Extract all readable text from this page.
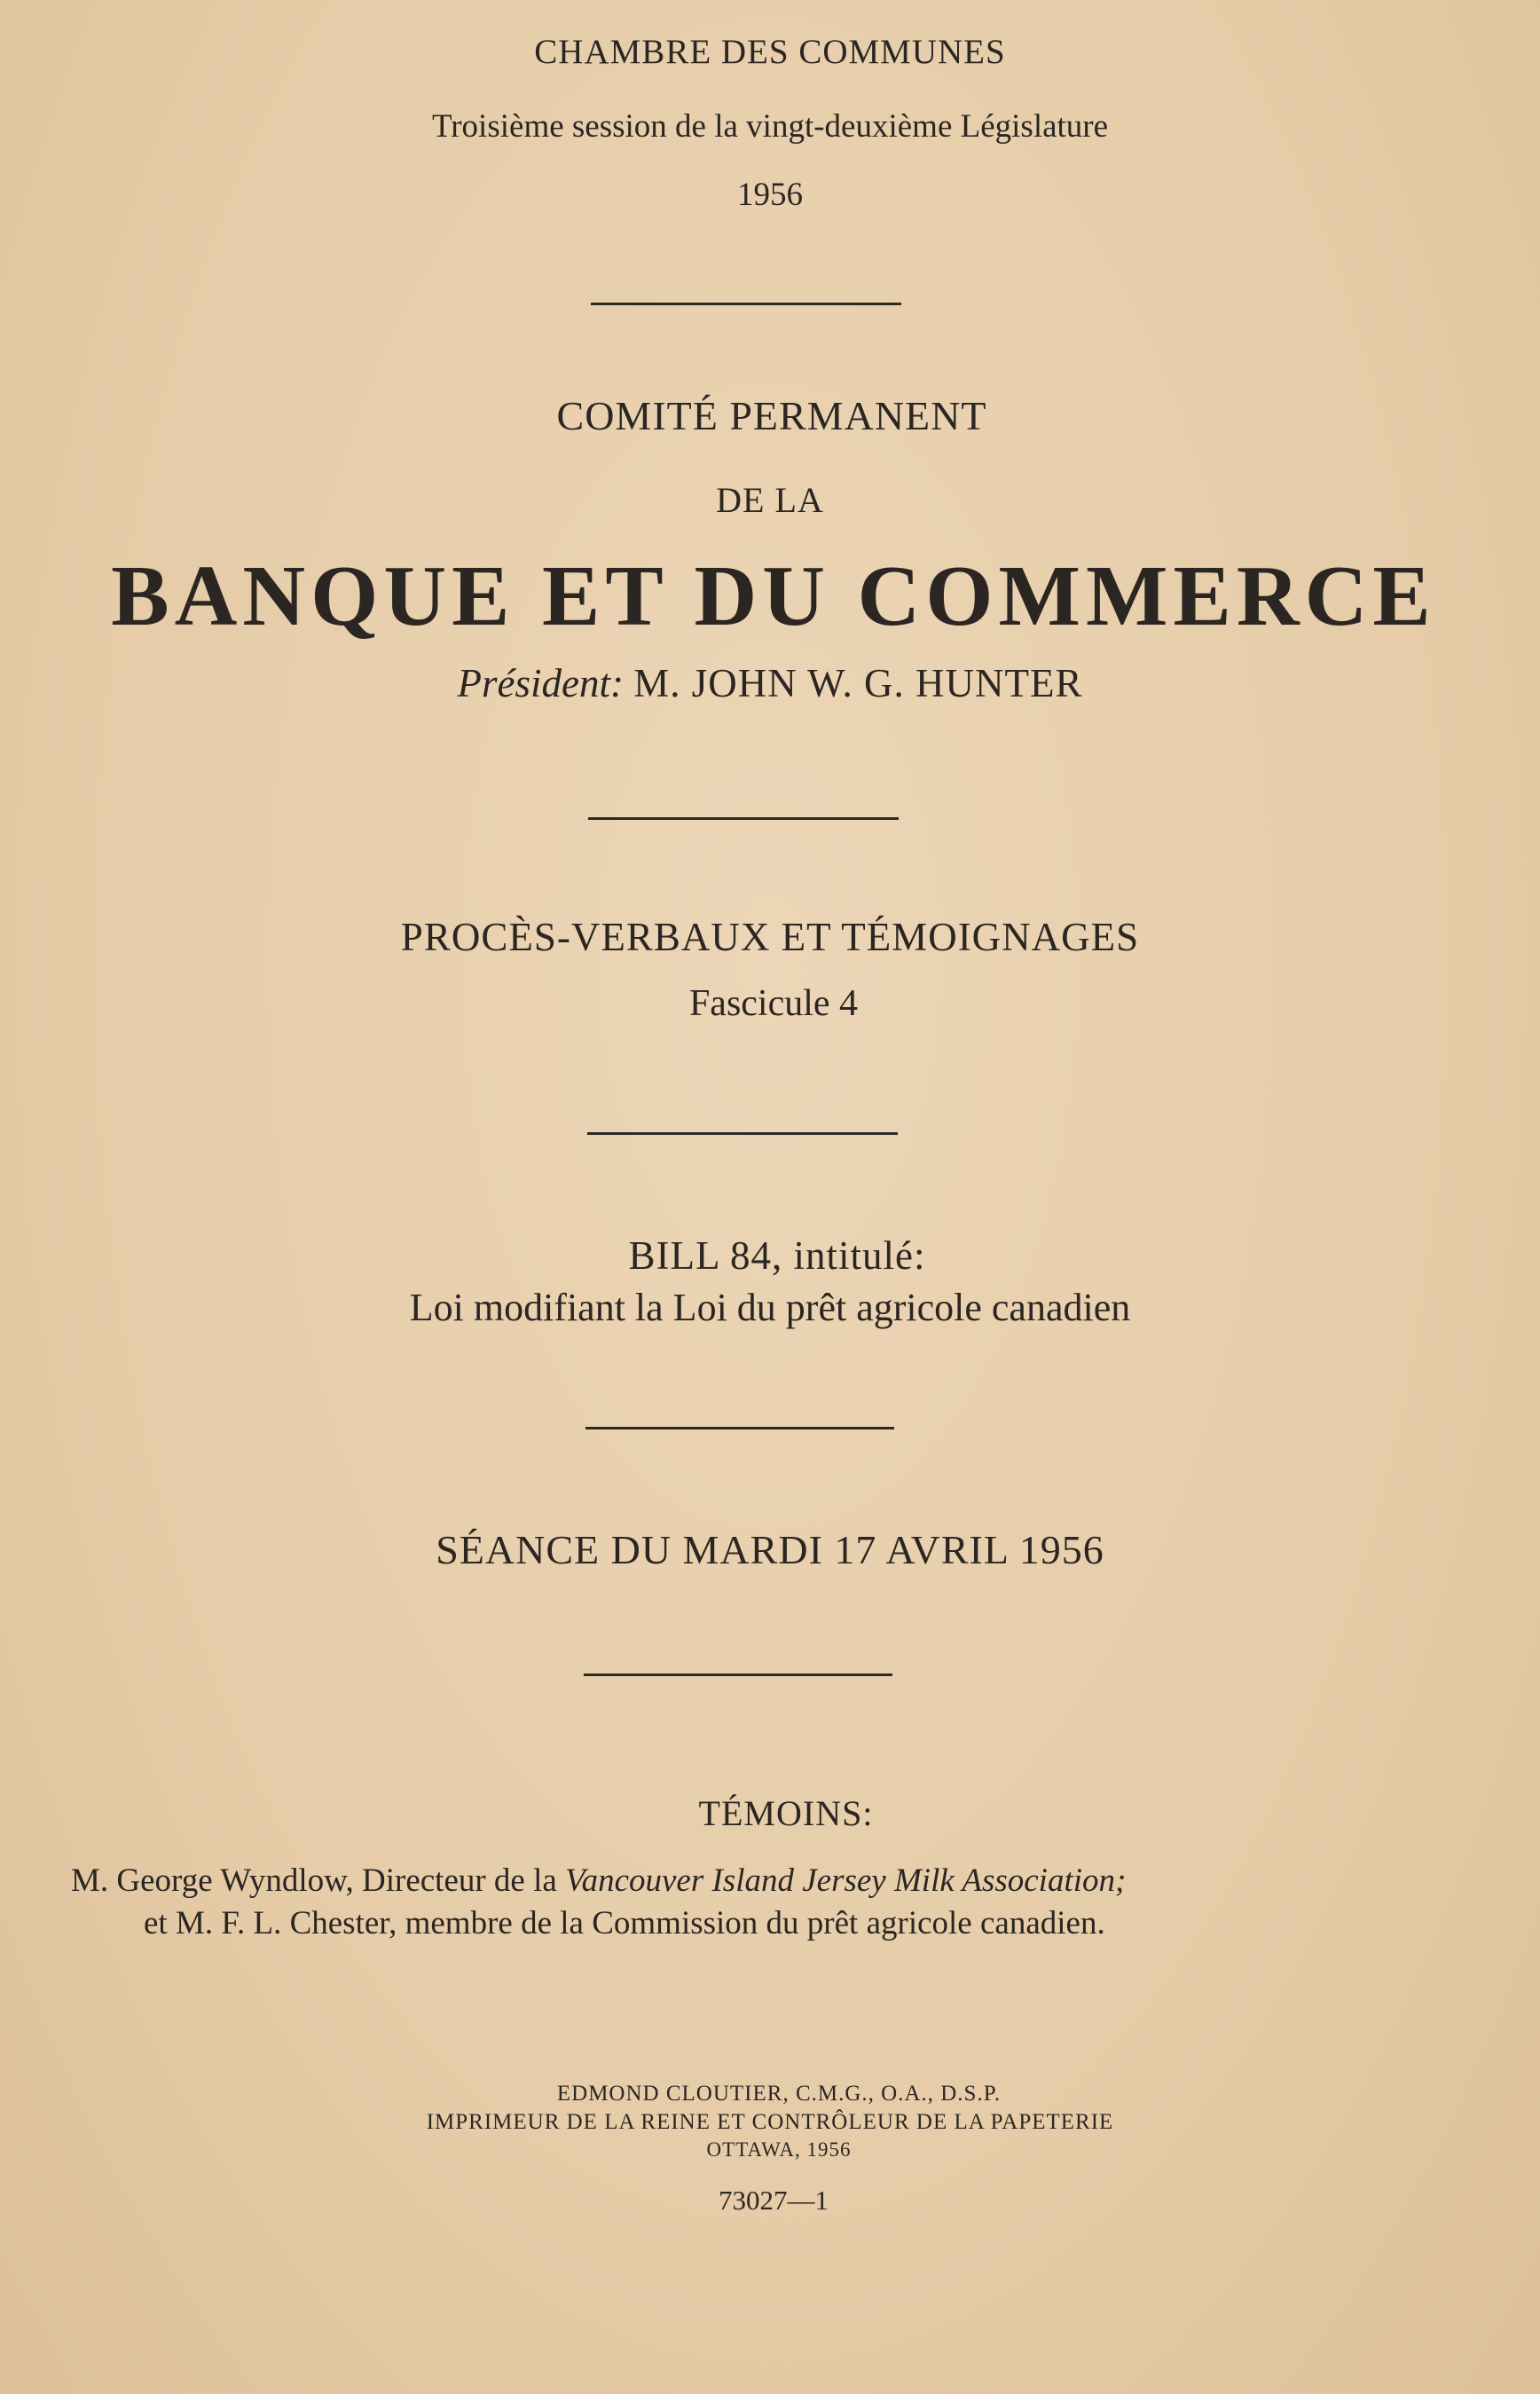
CHAMBRE DES COMMUNES
Troisième session de la vingt-deuxième Législature
1956
COMITÉ PERMANENT
DE LA
BANQUE ET DU COMMERCE
Président: M. JOHN W. G. HUNTER
PROCÈS-VERBAUX ET TÉMOIGNAGES
Fascicule 4
BILL 84, intitulé:
Loi modifiant la Loi du prêt agricole canadien
SÉANCE DU MARDI 17 AVRIL 1956
TÉMOINS:
M. George Wyndlow, Directeur de la Vancouver Island Jersey Milk Association;
et M. F. L. Chester, membre de la Commission du prêt agricole canadien.
EDMOND CLOUTIER, C.M.G., O.A., D.S.P.
IMPRIMEUR DE LA REINE ET CONTRÔLEUR DE LA PAPETERIE
OTTAWA, 1956
73027—1
